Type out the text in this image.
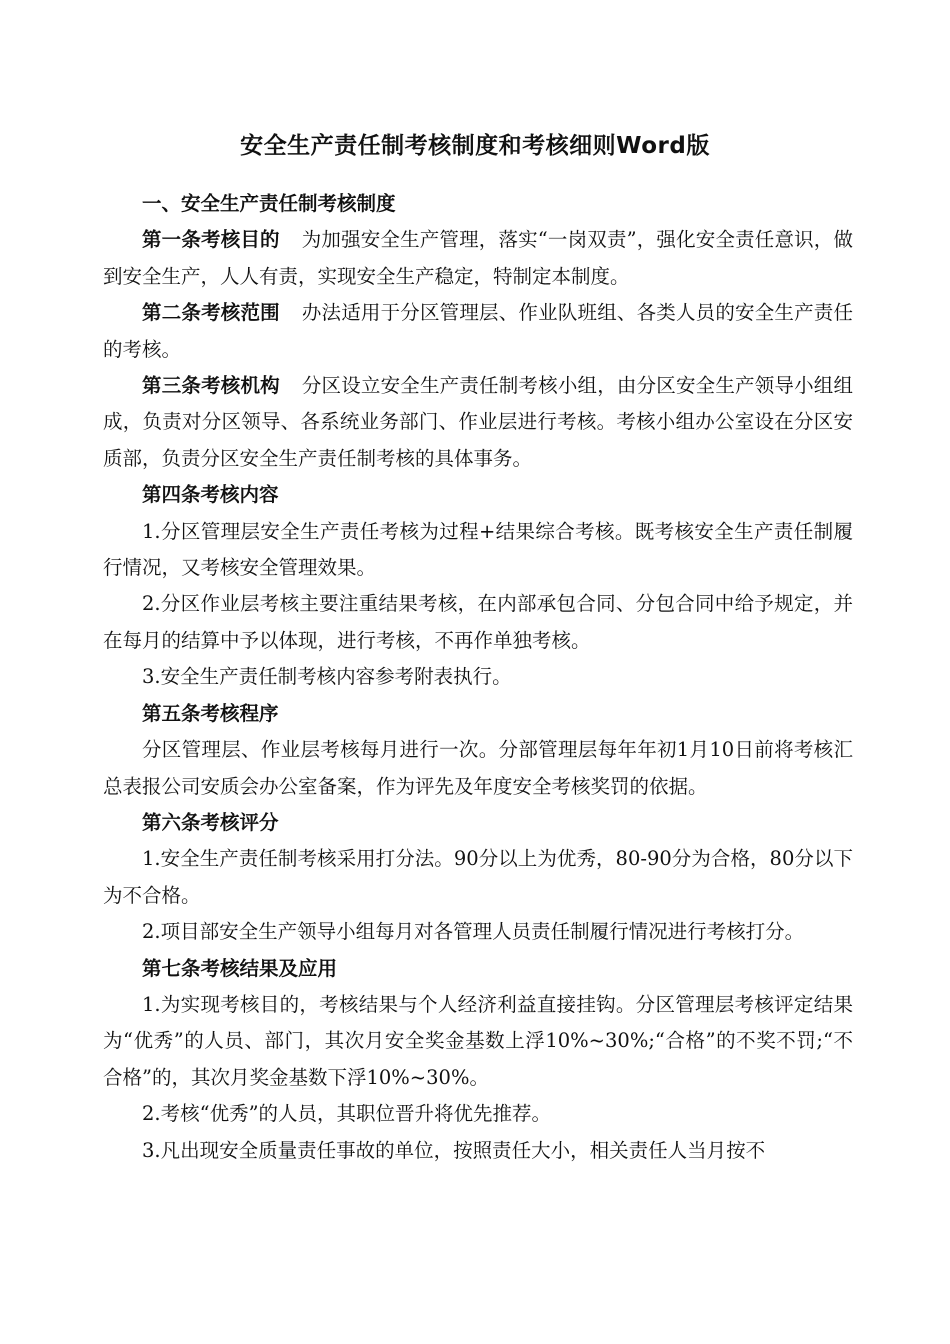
安全生产责任制考核制度和考核细则Word版

一、安全生产责任制考核制度

第一条考核目的 为加强安全生产管理，落实“一岗双责”，强化安全责任意识，做到安全生产，人人有责，实现安全生产稳定，特制定本制度。

第二条考核范围 办法适用于分区管理层、作业队班组、各类人员的安全生产责任的考核。

第三条考核机构 分区设立安全生产责任制考核小组，由分区安全生产领导小组组成，负责对分区领导、各系统业务部门、作业层进行考核。考核小组办公室设在分区安质部，负责分区安全生产责任制考核的具体事务。

第四条考核内容

1.分区管理层安全生产责任考核为过程+结果综合考核。既考核安全生产责任制履行情况，又考核安全管理效果。

2.分区作业层考核主要注重结果考核，在内部承包合同、分包合同中给予规定，并在每月的结算中予以体现，进行考核，不再作单独考核。

3.安全生产责任制考核内容参考附表执行。

第五条考核程序

分区管理层、作业层考核每月进行一次。分部管理层每年年初1月10日前将考核汇总表报公司安质会办公室备案，作为评先及年度安全考核奖罚的依据。

第六条考核评分

1.安全生产责任制考核采用打分法。90分以上为优秀，80-90分为合格，80分以下为不合格。

2.项目部安全生产领导小组每月对各管理人员责任制履行情况进行考核打分。

第七条考核结果及应用

1.为实现考核目的，考核结果与个人经济利益直接挂钩。分区管理层考核评定结果为“优秀”的人员、部门，其次月安全奖金基数上浮10%~30%;“合格”的不奖不罚;“不合格”的，其次月奖金基数下浮10%~30%。

2.考核“优秀”的人员，其职位晋升将优先推荐。

3.凡出现安全质量责任事故的单位，按照责任大小，相关责任人当月按不
